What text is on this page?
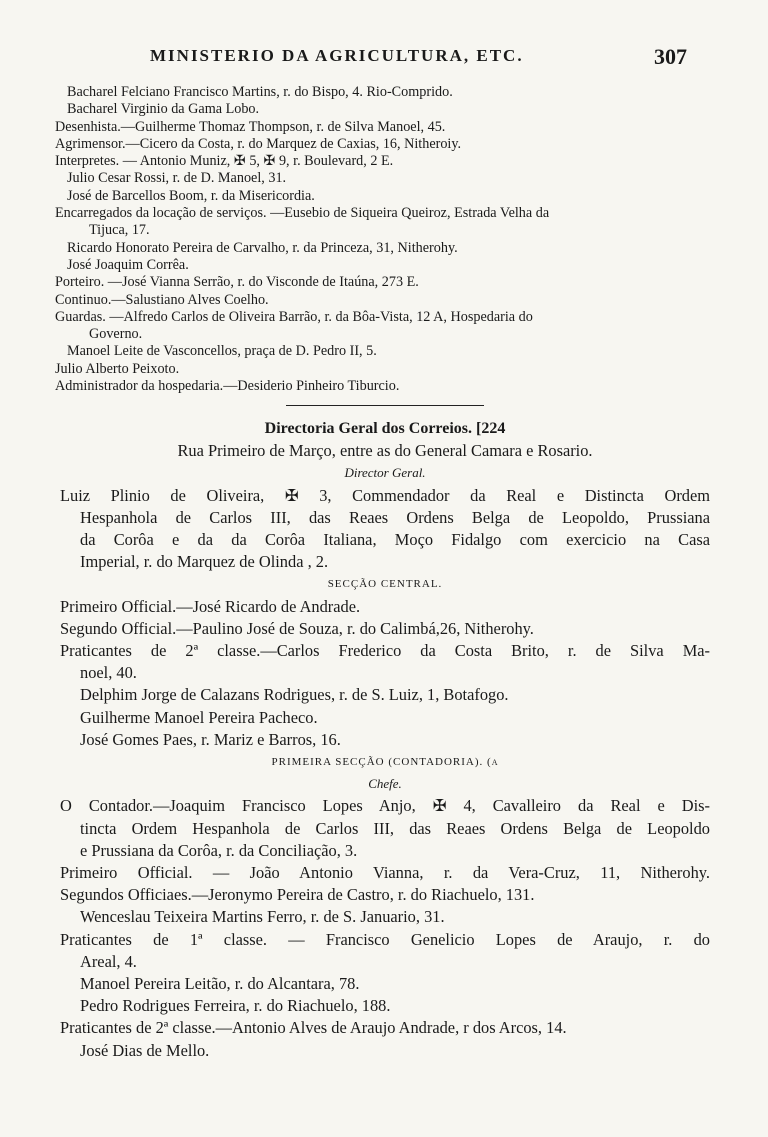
MINISTERIO DA AGRICULTURA, ETC.	307
Bacharel Felciano Francisco Martins, r. do Bispo, 4. Rio-Comprido.
Bacharel Virginio da Gama Lobo.
Desenhista.—Guilherme Thomaz Thompson, r. de Silva Manoel, 45.
Agrimensor.—Cicero da Costa, r. do Marquez de Caxias, 16, Nitheroiy.
Interpretes. — Antonio Muniz, ✠ 5, ✠ 9, r. Boulevard, 2 E.
Julio Cesar Rossi, r. de D. Manoel, 31.
José de Barcellos Boom, r. da Misericordia.
Encarregados da locação de serviços. —Eusebio de Siqueira Queiroz, Estrada Velha da
Tijuca, 17.
Ricardo Honorato Pereira de Carvalho, r. da Princeza, 31, Nitherohy.
José Joaquim Corrêa.
Porteiro. —José Vianna Serrão, r. do Visconde de Itaúna, 273 E.
Continuo.—Salustiano Alves Coelho.
Guardas. —Alfredo Carlos de Oliveira Barrão, r. da Bôa-Vista, 12 A, Hospedaria do
Governo.
Manoel Leite de Vasconcellos, praça de D. Pedro II, 5.
Julio Alberto Peixoto.
Administrador da hospedaria.—Desiderio Pinheiro Tiburcio.
Directoria Geral dos Correios. [224
Rua Primeiro de Março, entre as do General Camara e Rosario.
Director Geral.
Luiz Plinio de Oliveira, ✠ 3, Commendador da Real e Distincta Ordem
Hespanhola de Carlos III, das Reaes Ordens Belga de Leopoldo, Prussiana
da Corôa e da da Corôa Italiana, Moço Fidalgo com exercicio na Casa
Imperial, r. do Marquez de Olinda , 2.
SECÇÃO CENTRAL.
Primeiro Official.—José Ricardo de Andrade.
Segundo Official.—Paulino José de Souza, r. do Calimbá,26, Nitherohy.
Praticantes de 2ª classe.—Carlos Frederico da Costa Brito, r. de Silva Ma-
noel, 40.
Delphim Jorge de Calazans Rodrigues, r. de S. Luiz, 1, Botafogo.
Guilherme Manoel Pereira Pacheco.
José Gomes Paes, r. Mariz e Barros, 16.
PRIMEIRA SECÇÃO (CONTADORIA). (a
Chefe.
O Contador.—Joaquim Francisco Lopes Anjo, ✠ 4, Cavalleiro da Real e Dis-
tincta Ordem Hespanhola de Carlos III, das Reaes Ordens Belga de Leopoldo
e Prussiana da Corôa, r. da Conciliação, 3.
Primeiro Official. — João Antonio Vianna, r. da Vera-Cruz, 11, Nitherohy.
Segundos Officiaes.—Jeronymo Pereira de Castro, r. do Riachuelo, 131.
Wenceslau Teixeira Martins Ferro, r. de S. Januario, 31.
Praticantes de 1ª classe. — Francisco Genelicio Lopes de Araujo, r. do
Areal, 4.
Manoel Pereira Leitão, r. do Alcantara, 78.
Pedro Rodrigues Ferreira, r. do Riachuelo, 188.
Praticantes de 2ª classe.—Antonio Alves de Araujo Andrade, r dos Arcos, 14.
José Dias de Mello.
